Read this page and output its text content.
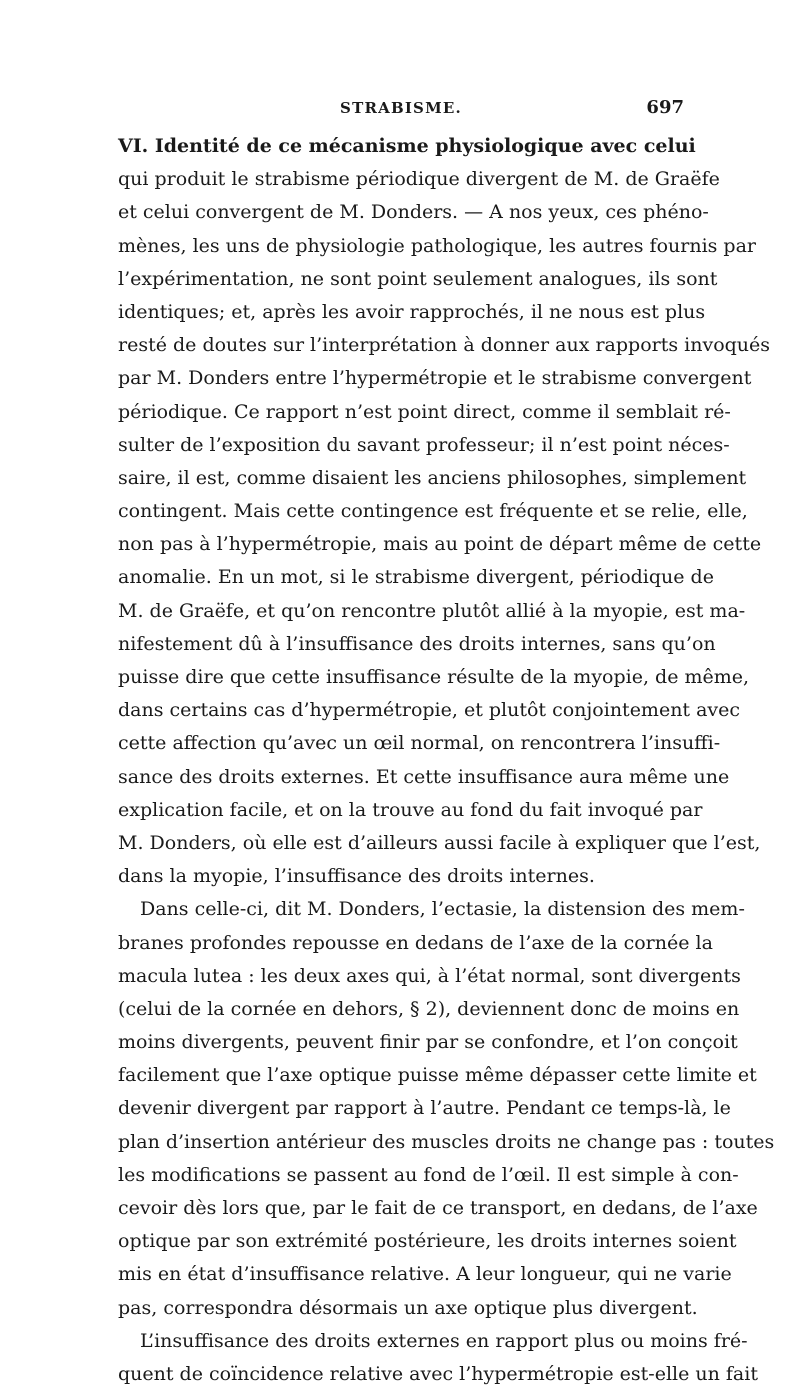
STRABISME.	697
VI. Identité de ce mécanisme physiologique avec celui
qui produit le strabisme périodique divergent de M. de Graëfe
et celui convergent de M. Donders. — A nos yeux, ces phéno-
mènes, les uns de physiologie pathologique, les autres fournis par
l’expérimentation, ne sont point seulement analogues, ils sont
identiques; et, après les avoir rapprochés, il ne nous est plus
resté de doutes sur l’interprétation à donner aux rapports invoqués
par M. Donders entre l’hypermétropie et le strabisme convergent
périodique. Ce rapport n’est point direct, comme il semblait ré-
sulter de l’exposition du savant professeur; il n’est point néces-
saire, il est, comme disaient les anciens philosophes, simplement
contingent. Mais cette contingence est fréquente et se relie, elle,
non pas à l’hypermétropie, mais au point de départ même de cette
anomalie. En un mot, si le strabisme divergent, périodique de
M. de Graëfe, et qu’on rencontre plutôt allié à la myopie, est ma-
nifestement dû à l’insuffisance des droits internes, sans qu’on
puisse dire que cette insuffisance résulte de la myopie, de même,
dans certains cas d’hypermétropie, et plutôt conjointement avec
cette affection qu’avec un œil normal, on rencontrera l’insuffi-
sance des droits externes. Et cette insuffisance aura même une
explication facile, et on la trouve au fond du fait invoqué par
M. Donders, où elle est d’ailleurs aussi facile à expliquer que l’est,
dans la myopie, l’insuffisance des droits internes.
Dans celle-ci, dit M. Donders, l’ectasie, la distension des mem-
branes profondes repousse en dedans de l’axe de la cornée la
macula lutea : les deux axes qui, à l’état normal, sont divergents
(celui de la cornée en dehors, § 2), deviennent donc de moins en
moins divergents, peuvent finir par se confondre, et l’on conçoit
facilement que l’axe optique puisse même dépasser cette limite et
devenir divergent par rapport à l’autre. Pendant ce temps-là, le
plan d’insertion antérieur des muscles droits ne change pas : toutes
les modifications se passent au fond de l’œil. Il est simple à con-
cevoir dès lors que, par le fait de ce transport, en dedans, de l’axe
optique par son extrémité postérieure, les droits internes soient
mis en état d’insuffisance relative. A leur longueur, qui ne varie
pas, correspondra désormais un axe optique plus divergent.
L’insuffisance des droits externes en rapport plus ou moins fré-
quent de coïncidence relative avec l’hypermétropie est-elle un fait
